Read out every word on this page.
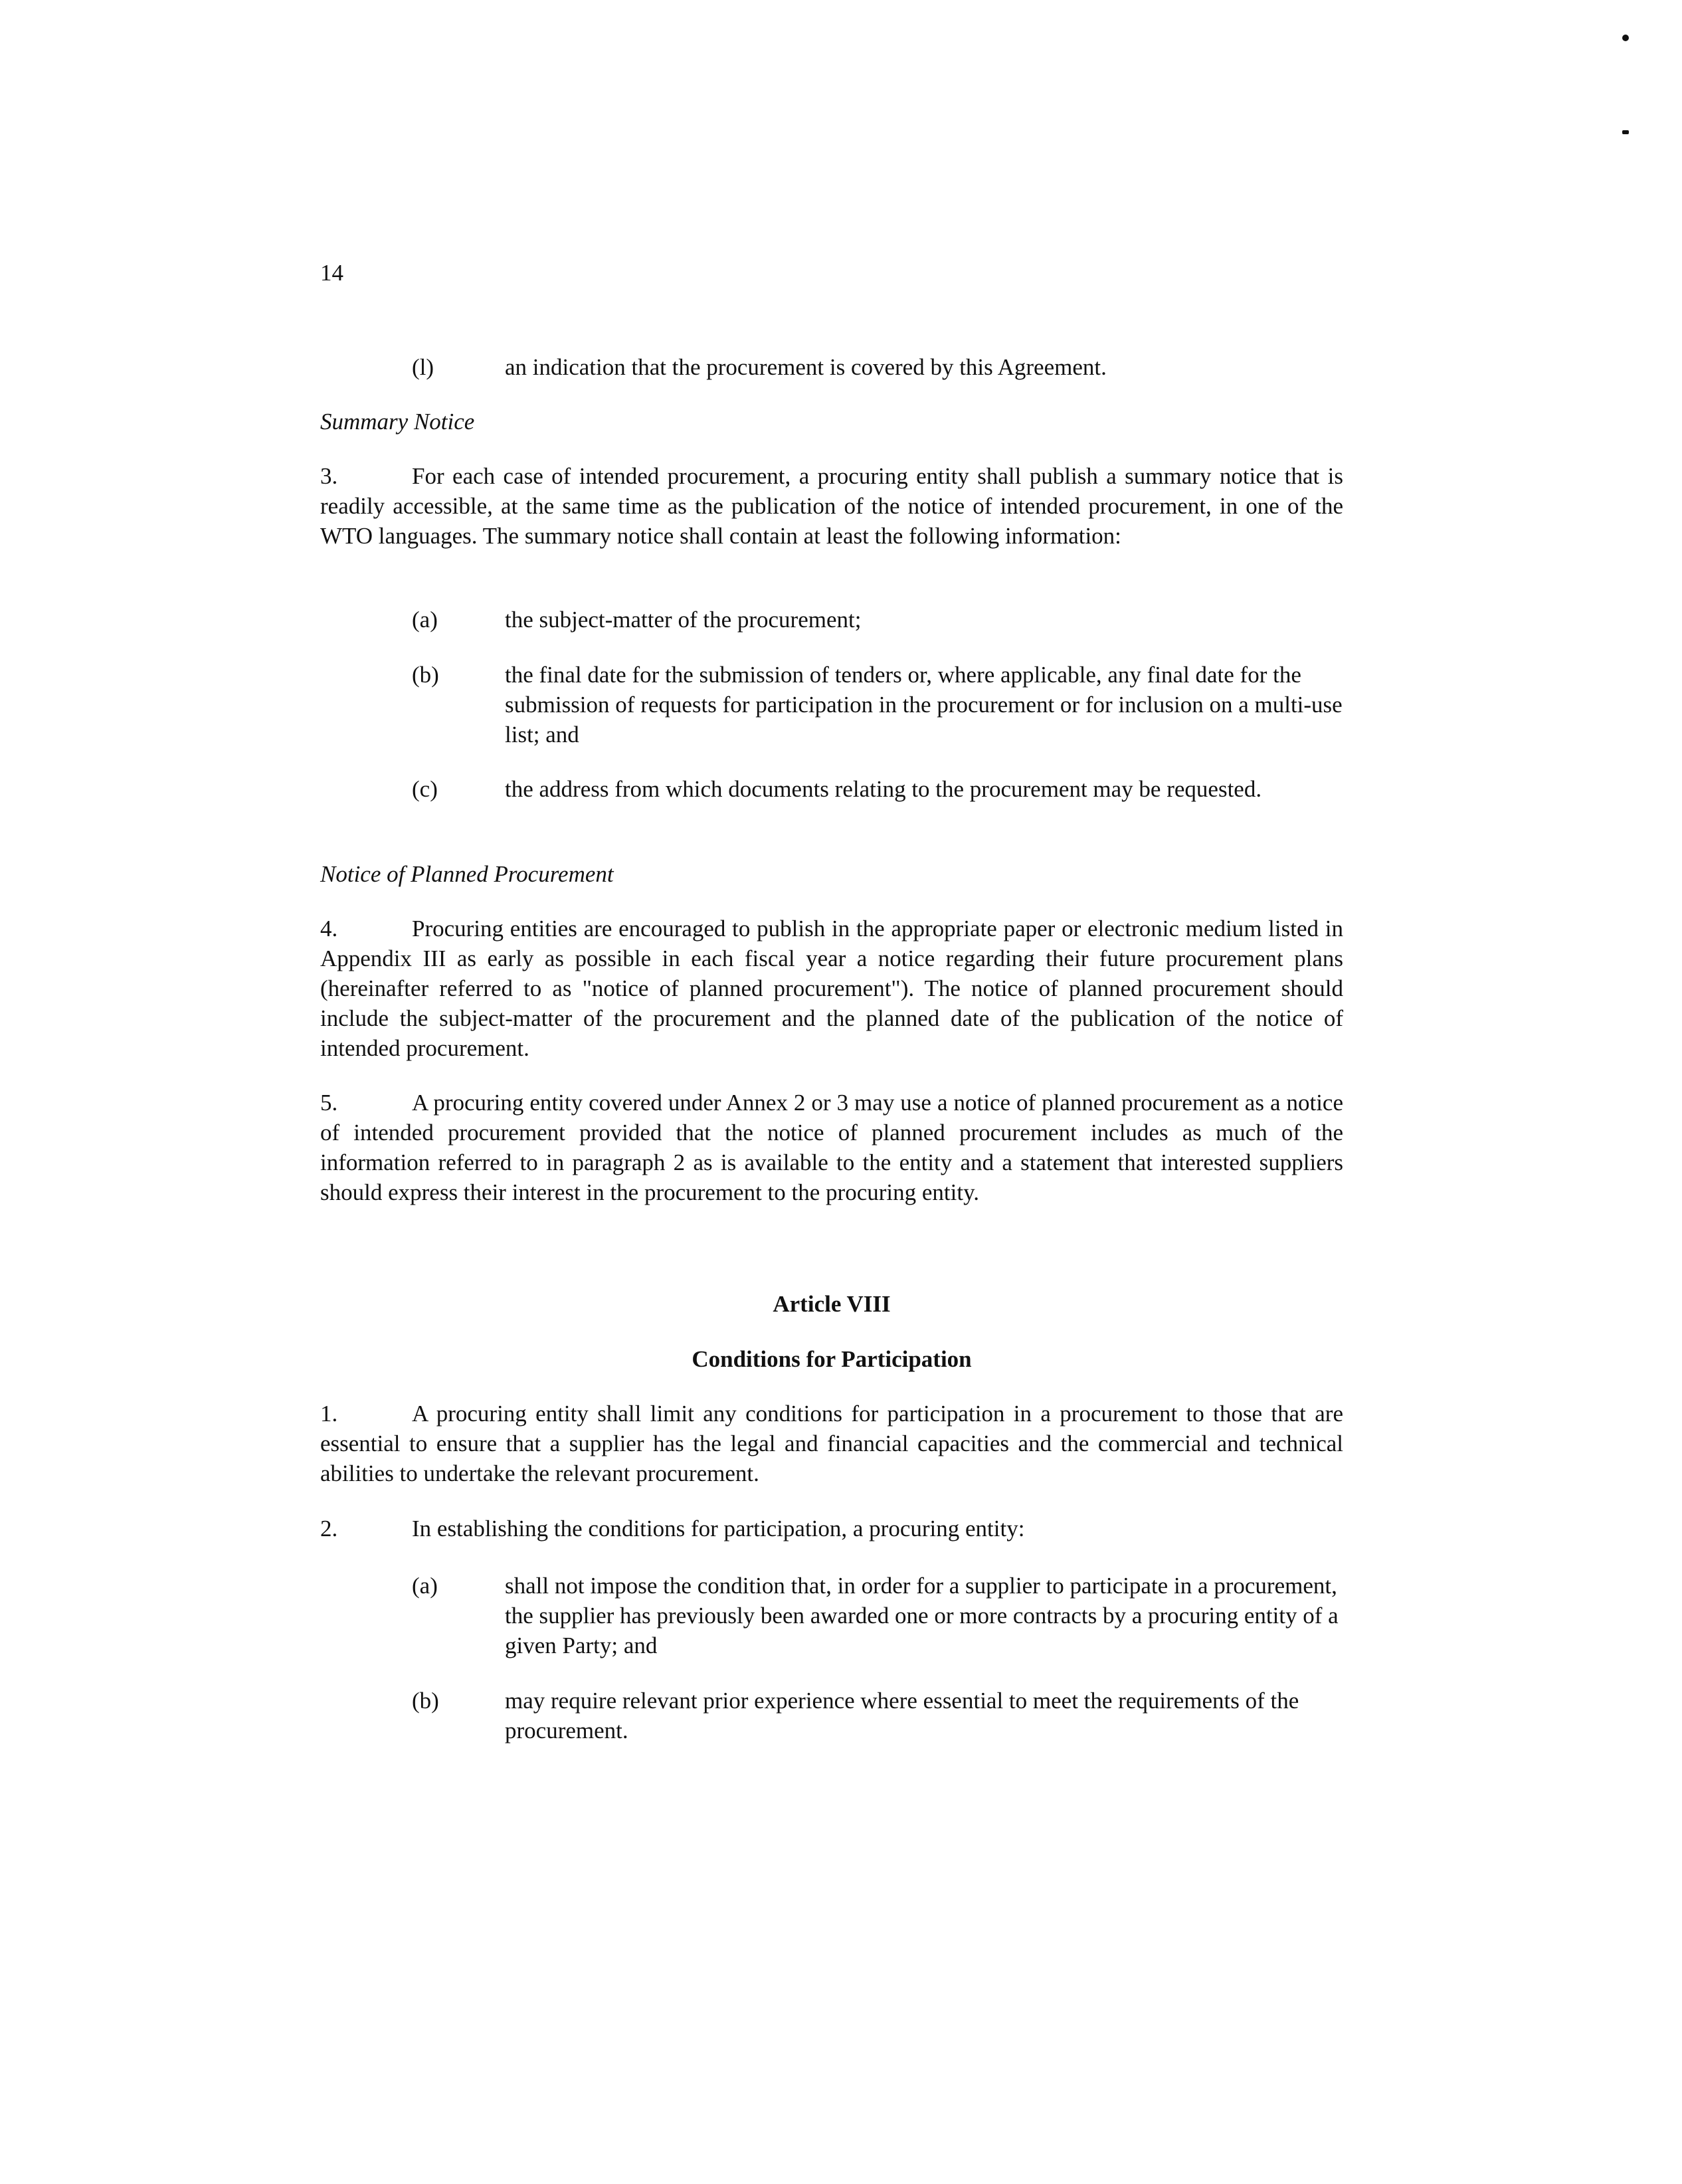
14
(l)	an indication that the procurement is covered by this Agreement.
Summary Notice
3.	For each case of intended procurement, a procuring entity shall publish a summary notice that is readily accessible, at the same time as the publication of the notice of intended procurement, in one of the WTO languages. The summary notice shall contain at least the following information:
(a)	the subject-matter of the procurement;
(b)	the final date for the submission of tenders or, where applicable, any final date for the submission of requests for participation in the procurement or for inclusion on a multi-use list; and
(c)	the address from which documents relating to the procurement may be requested.
Notice of Planned Procurement
4.	Procuring entities are encouraged to publish in the appropriate paper or electronic medium listed in Appendix III as early as possible in each fiscal year a notice regarding their future procurement plans (hereinafter referred to as "notice of planned procurement"). The notice of planned procurement should include the subject-matter of the procurement and the planned date of the publication of the notice of intended procurement.
5.	A procuring entity covered under Annex 2 or 3 may use a notice of planned procurement as a notice of intended procurement provided that the notice of planned procurement includes as much of the information referred to in paragraph 2 as is available to the entity and a statement that interested suppliers should express their interest in the procurement to the procuring entity.
Article VIII
Conditions for Participation
1.	A procuring entity shall limit any conditions for participation in a procurement to those that are essential to ensure that a supplier has the legal and financial capacities and the commercial and technical abilities to undertake the relevant procurement.
2.	In establishing the conditions for participation, a procuring entity:
(a)	shall not impose the condition that, in order for a supplier to participate in a procurement, the supplier has previously been awarded one or more contracts by a procuring entity of a given Party; and
(b)	may require relevant prior experience where essential to meet the requirements of the procurement.
